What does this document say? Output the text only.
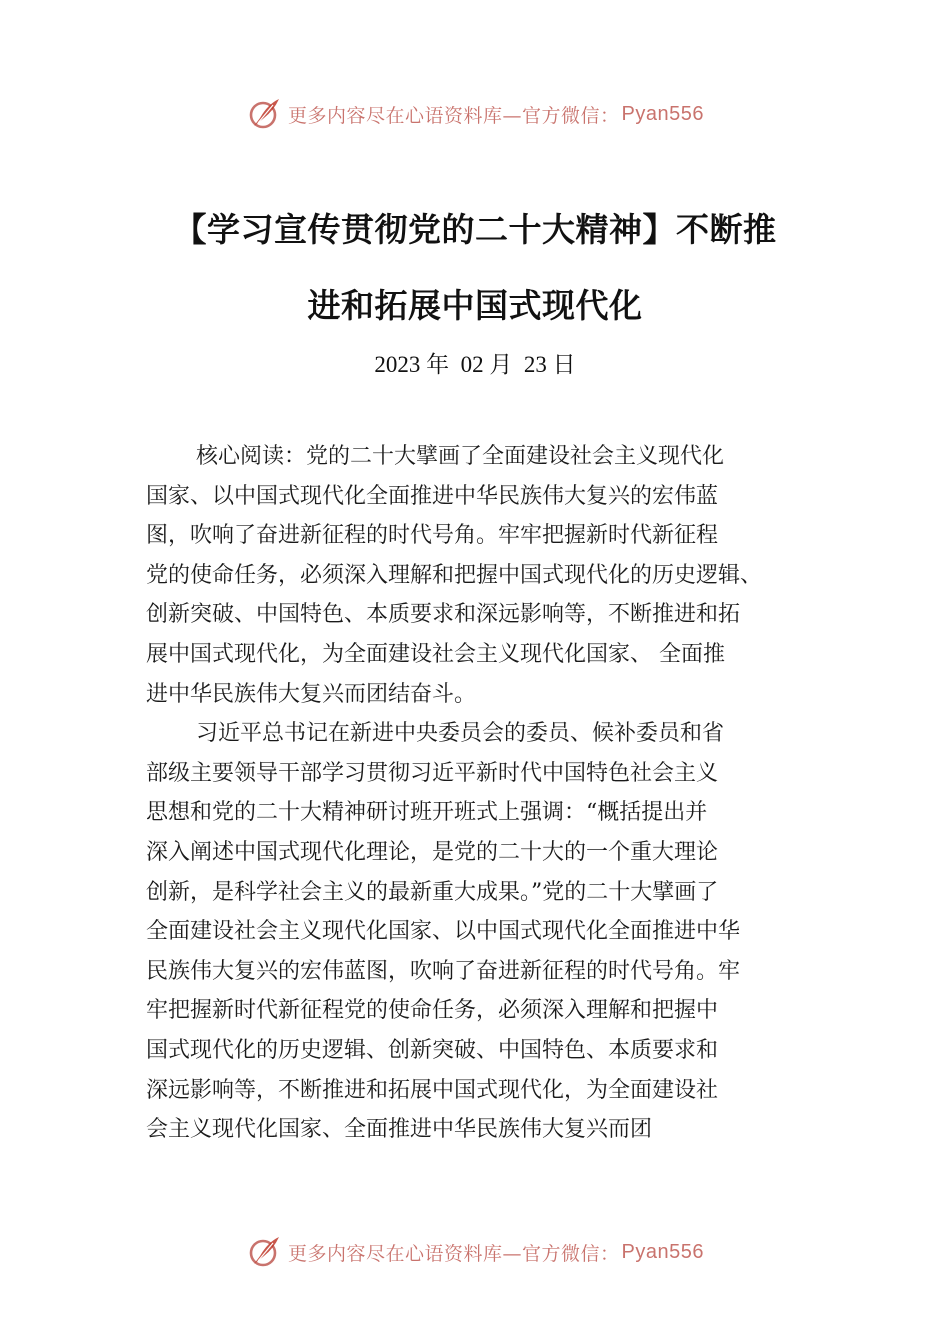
更多内容尽在心语资料库—官方微信： Pyan556
【学习宣传贯彻党的二十大精神】不断推
进和拓展中国式现代化
2023 年  02 月  23 日
核心阅读：党的二十大擘画了全面建设社会主义现代化
国家、以中国式现代化全面推进中华民族伟大复兴的宏伟蓝
图，吹响了奋进新征程的时代号角。牢牢把握新时代新征程
党的使命任务，必须深入理解和把握中国式现代化的历史逻辑、
创新突破、中国特色、本质要求和深远影响等，不断推进和拓
展中国式现代化，为全面建设社会主义现代化国家、 全面推
进中华民族伟大复兴而团结奋斗。
习近平总书记在新进中央委员会的委员、候补委员和省
部级主要领导干部学习贯彻习近平新时代中国特色社会主义
思想和党的二十大精神研讨班开班式上强调：“概括提出并
深入阐述中国式现代化理论，是党的二十大的一个重大理论
创新，是科学社会主义的最新重大成果。”党的二十大擘画了
全面建设社会主义现代化国家、以中国式现代化全面推进中华
民族伟大复兴的宏伟蓝图，吹响了奋进新征程的时代号角。牢
牢把握新时代新征程党的使命任务，必须深入理解和把握中
国式现代化的历史逻辑、创新突破、中国特色、本质要求和
深远影响等，不断推进和拓展中国式现代化，为全面建设社
会主义现代化国家、全面推进中华民族伟大复兴而团
更多内容尽在心语资料库—官方微信： Pyan556
